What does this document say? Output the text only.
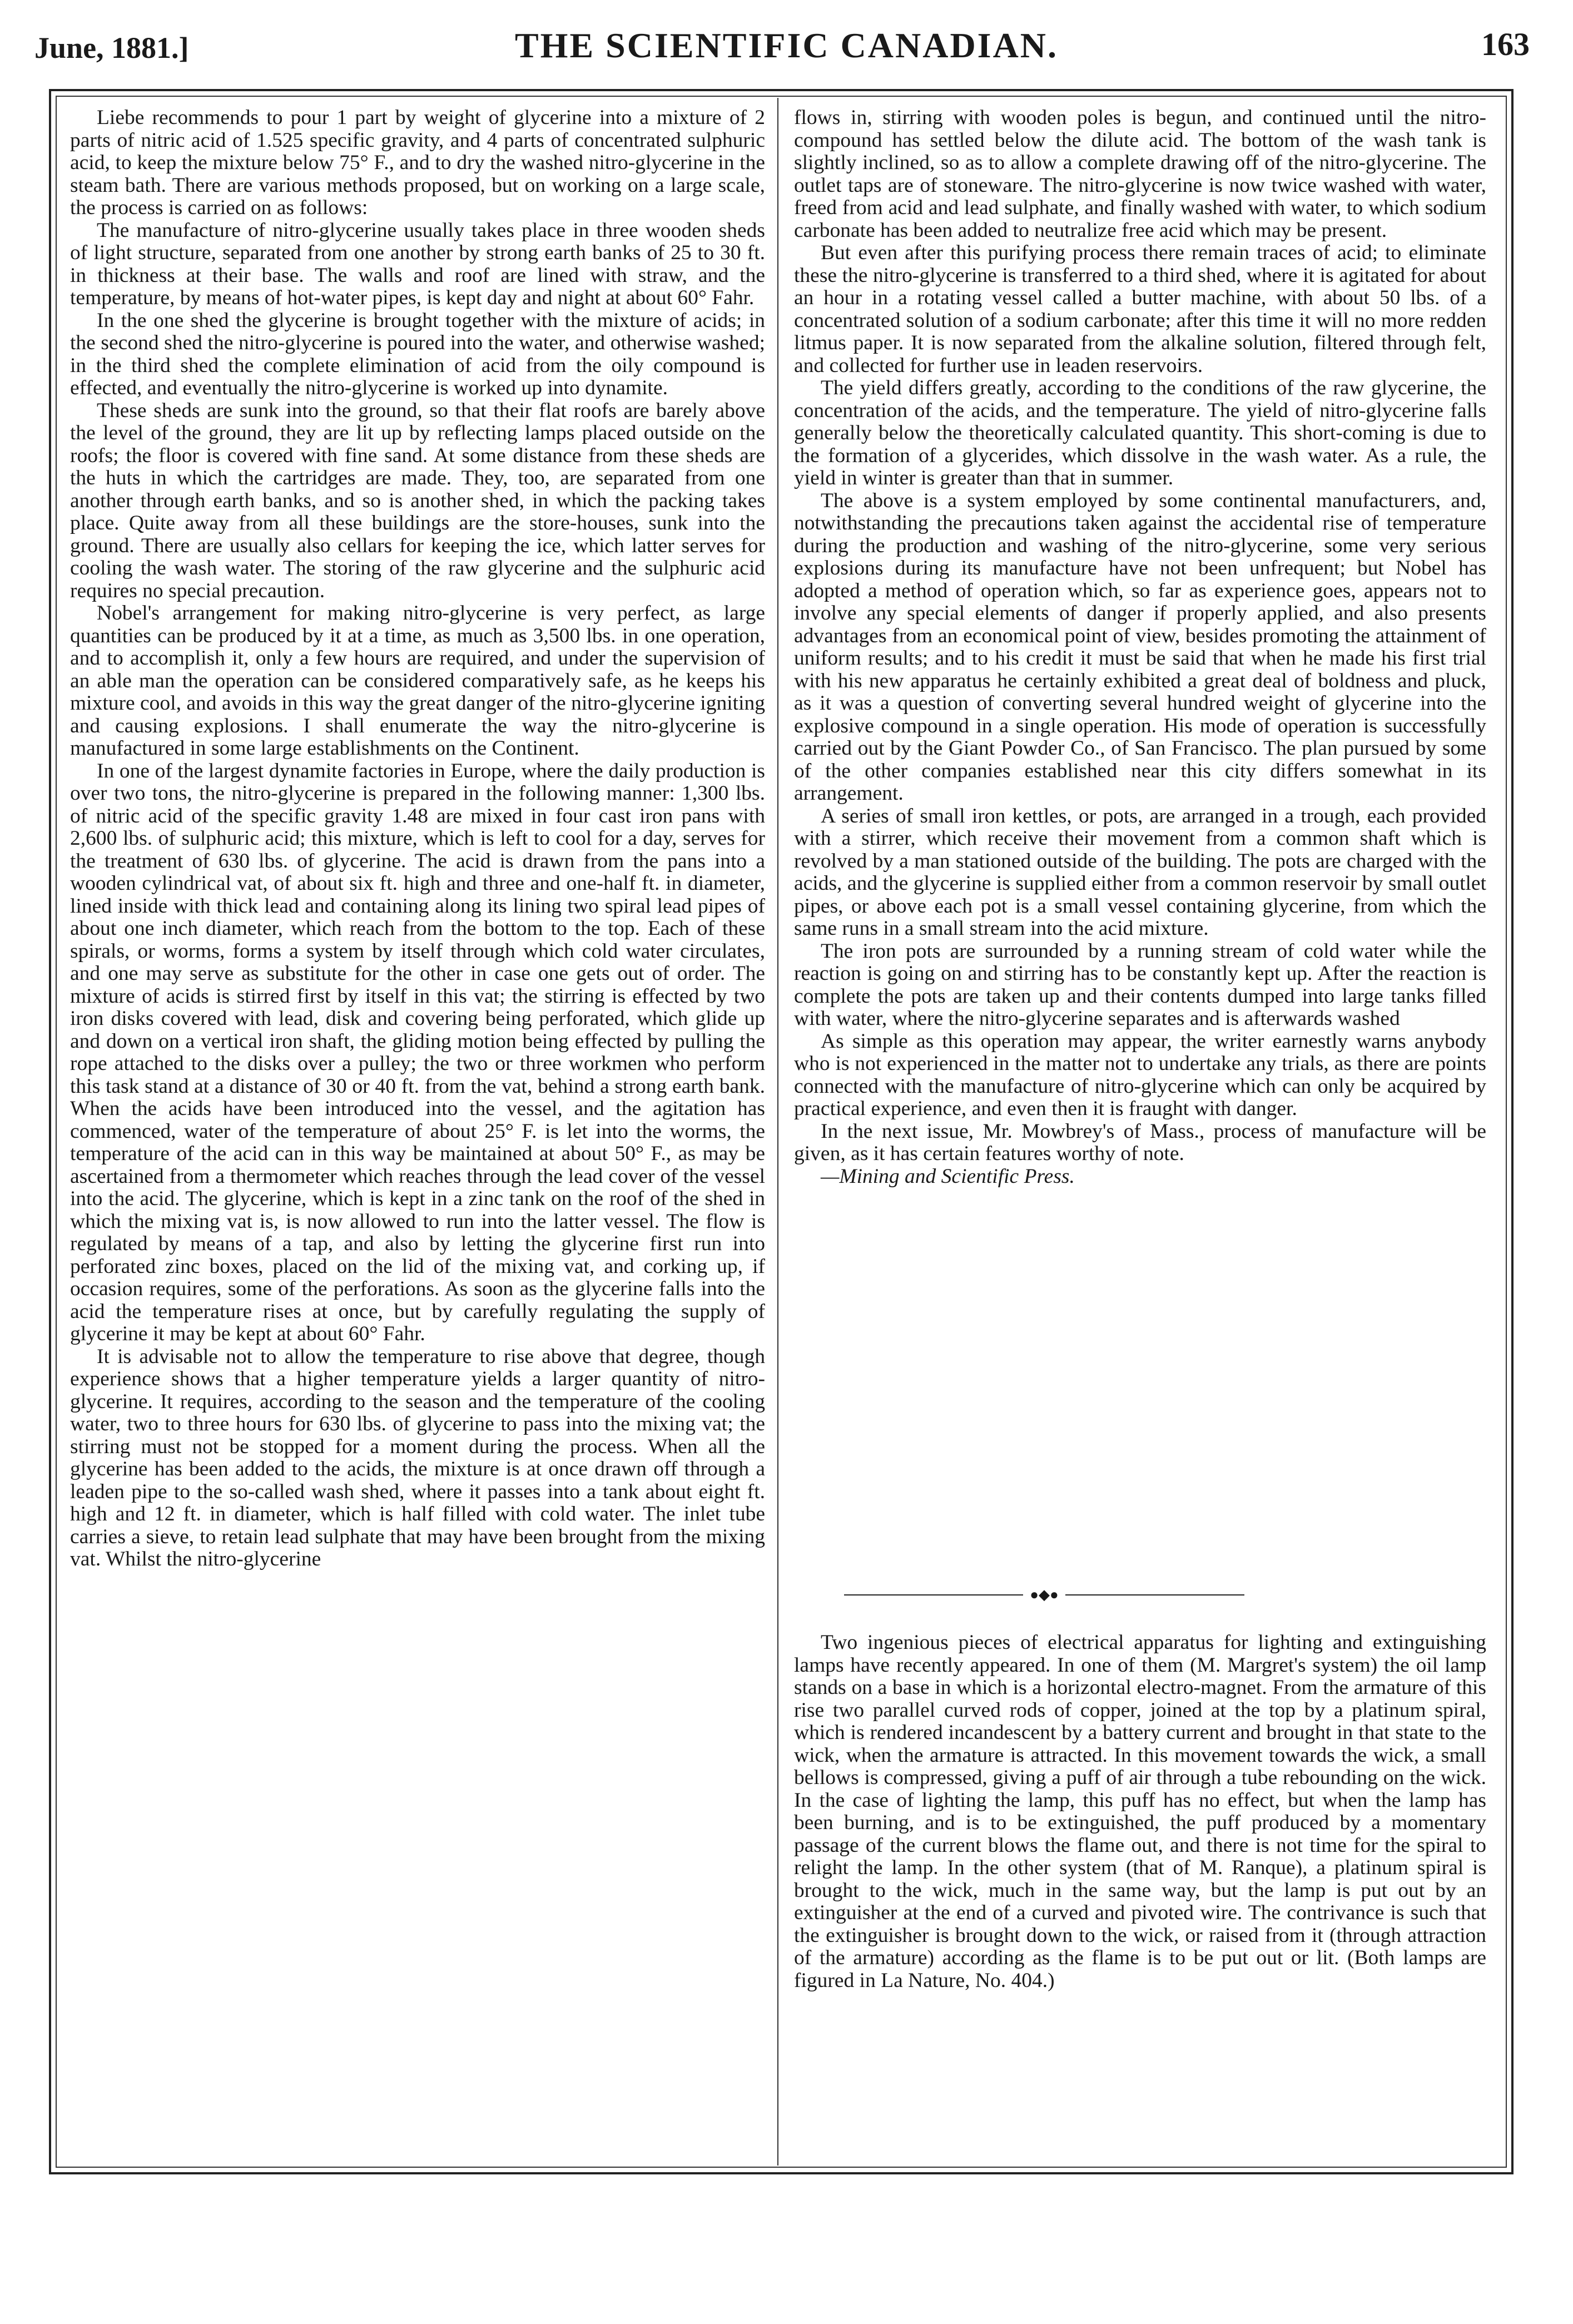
June, 1881.]	THE SCIENTIFIC CANADIAN.	163

Liebe recommends to pour 1 part by weight of glycerine into a mixture of 2 parts of nitric acid of 1.525 specific gravity, and 4 parts of concentrated sulphuric acid, to keep the mixture below 75° F., and to dry the washed nitro-glycerine in the steam bath. There are various methods proposed, but on working on a large scale, the process is carried on as follows:

The manufacture of nitro-glycerine usually takes place in three wooden sheds of light structure, separated from one another by strong earth banks of 25 to 30 ft. in thickness at their base. The walls and roof are lined with straw, and the temperature, by means of hot-water pipes, is kept day and night at about 60° Fahr.

In the one shed the glycerine is brought together with the mixture of acids; in the second shed the nitro-glycerine is poured into the water, and otherwise washed; in the third shed the complete elimination of acid from the oily compound is effected, and eventually the nitro-glycerine is worked up into dynamite.

These sheds are sunk into the ground, so that their flat roofs are barely above the level of the ground, they are lit up by reflecting lamps placed outside on the roofs; the floor is covered with fine sand. At some distance from these sheds are the huts in which the cartridges are made. They, too, are separated from one another through earth banks, and so is another shed, in which the packing takes place. Quite away from all these buildings are the store-houses, sunk into the ground. There are usually also cellars for keeping the ice, which latter serves for cooling the wash water. The storing of the raw glycerine and the sulphuric acid requires no special precaution.

Nobel's arrangement for making nitro-glycerine is very perfect, as large quantities can be produced by it at a time, as much as 3,500 lbs. in one operation, and to accomplish it, only a few hours are required, and under the supervision of an able man the operation can be considered comparatively safe, as he keeps his mixture cool, and avoids in this way the great danger of the nitro-glycerine igniting and causing explosions. I shall enumerate the way the nitro-glycerine is manufactured in some large establishments on the Continent.

In one of the largest dynamite factories in Europe, where the daily production is over two tons, the nitro-glycerine is prepared in the following manner: 1,300 lbs. of nitric acid of the specific gravity 1.48 are mixed in four cast iron pans with 2,600 lbs. of sulphuric acid; this mixture, which is left to cool for a day, serves for the treatment of 630 lbs. of glycerine. The acid is drawn from the pans into a wooden cylindrical vat, of about six ft. high and three and one-half ft. in diameter, lined inside with thick lead and containing along its lining two spiral lead pipes of about one inch diameter, which reach from the bottom to the top. Each of these spirals, or worms, forms a system by itself through which cold water circulates, and one may serve as substitute for the other in case one gets out of order. The mixture of acids is stirred first by itself in this vat; the stirring is effected by two iron disks covered with lead, disk and covering being perforated, which glide up and down on a vertical iron shaft, the gliding motion being effected by pulling the rope attached to the disks over a pulley; the two or three workmen who perform this task stand at a distance of 30 or 40 ft. from the vat, behind a strong earth bank. When the acids have been introduced into the vessel, and the agitation has commenced, water of the temperature of about 25° F. is let into the worms, the temperature of the acid can in this way be maintained at about 50° F., as may be ascertained from a thermometer which reaches through the lead cover of the vessel into the acid. The glycerine, which is kept in a zinc tank on the roof of the shed in which the mixing vat is, is now allowed to run into the latter vessel. The flow is regulated by means of a tap, and also by letting the glycerine first run into perforated zinc boxes, placed on the lid of the mixing vat, and corking up, if occasion requires, some of the perforations. As soon as the glycerine falls into the acid the temperature rises at once, but by carefully regulating the supply of glycerine it may be kept at about 60° Fahr.

It is advisable not to allow the temperature to rise above that degree, though experience shows that a higher temperature yields a larger quantity of nitro-glycerine. It requires, according to the season and the temperature of the cooling water, two to three hours for 630 lbs. of glycerine to pass into the mixing vat; the stirring must not be stopped for a moment during the process. When all the glycerine has been added to the acids, the mixture is at once drawn off through a leaden pipe to the so-called wash shed, where it passes into a tank about eight ft. high and 12 ft. in diameter, which is half filled with cold water. The inlet tube carries a sieve, to retain lead sulphate that may have been brought from the mixing vat. Whilst the nitro-glycerine

flows in, stirring with wooden poles is begun, and continued until the nitro-compound has settled below the dilute acid. The bottom of the wash tank is slightly inclined, so as to allow a complete drawing off of the nitro-glycerine. The outlet taps are of stoneware. The nitro-glycerine is now twice washed with water, freed from acid and lead sulphate, and finally washed with water, to which sodium carbonate has been added to neutralize free acid which may be present.

But even after this purifying process there remain traces of acid; to eliminate these the nitro-glycerine is transferred to a third shed, where it is agitated for about an hour in a rotating vessel called a butter machine, with about 50 lbs. of a concentrated solution of a sodium carbonate; after this time it will no more redden litmus paper. It is now separated from the alkaline solution, filtered through felt, and collected for further use in leaden reservoirs.

The yield differs greatly, according to the conditions of the raw glycerine, the concentration of the acids, and the temperature. The yield of nitro-glycerine falls generally below the theoretically calculated quantity. This short-coming is due to the formation of a glycerides, which dissolve in the wash water. As a rule, the yield in winter is greater than that in summer.

The above is a system employed by some continental manufacturers, and, notwithstanding the precautions taken against the accidental rise of temperature during the production and washing of the nitro-glycerine, some very serious explosions during its manufacture have not been unfrequent; but Nobel has adopted a method of operation which, so far as experience goes, appears not to involve any special elements of danger if properly applied, and also presents advantages from an economical point of view, besides promoting the attainment of uniform results; and to his credit it must be said that when he made his first trial with his new apparatus he certainly exhibited a great deal of boldness and pluck, as it was a question of converting several hundred weight of glycerine into the explosive compound in a single operation. His mode of operation is successfully carried out by the Giant Powder Co., of San Francisco. The plan pursued by some of the other companies established near this city differs somewhat in its arrangement.

A series of small iron kettles, or pots, are arranged in a trough, each provided with a stirrer, which receive their movement from a common shaft which is revolved by a man stationed outside of the building. The pots are charged with the acids, and the glycerine is supplied either from a common reservoir by small outlet pipes, or above each pot is a small vessel containing glycerine, from which the same runs in a small stream into the acid mixture.

The iron pots are surrounded by a running stream of cold water while the reaction is going on and stirring has to be constantly kept up. After the reaction is complete the pots are taken up and their contents dumped into large tanks filled with water, where the nitro-glycerine separates and is afterwards washed

As simple as this operation may appear, the writer earnestly warns anybody who is not experienced in the matter not to undertake any trials, as there are points connected with the manufacture of nitro-glycerine which can only be acquired by practical experience, and even then it is fraught with danger.

In the next issue, Mr. Mowbrey's of Mass., process of manufacture will be given, as it has certain features worthy of note.

—Mining and Scientific Press.

●◆●

Two ingenious pieces of electrical apparatus for lighting and extinguishing lamps have recently appeared. In one of them (M. Margret's system) the oil lamp stands on a base in which is a horizontal electro-magnet. From the armature of this rise two parallel curved rods of copper, joined at the top by a platinum spiral, which is rendered incandescent by a battery current and brought in that state to the wick, when the armature is attracted. In this movement towards the wick, a small bellows is compressed, giving a puff of air through a tube rebounding on the wick. In the case of lighting the lamp, this puff has no effect, but when the lamp has been burning, and is to be extinguished, the puff produced by a momentary passage of the current blows the flame out, and there is not time for the spiral to relight the lamp. In the other system (that of M. Ranque), a platinum spiral is brought to the wick, much in the same way, but the lamp is put out by an extinguisher at the end of a curved and pivoted wire. The contrivance is such that the extinguisher is brought down to the wick, or raised from it (through attraction of the armature) according as the flame is to be put out or lit. (Both lamps are figured in La Nature, No. 404.)
